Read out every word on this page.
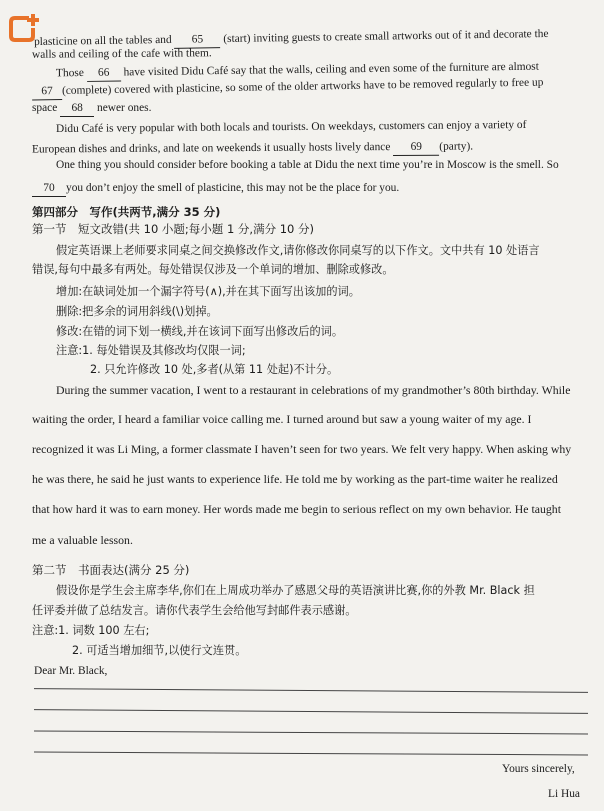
plasticine on all the tables and 65 (start) inviting guests to create small artworks out of it and decorate the
walls and ceiling of the cafe with them.
Those 66 have visited Didu Café say that the walls, ceiling and even some of the furniture are almost
67 (complete) covered with plasticine, so some of the older artworks have to be removed regularly to free up
space 68 newer ones.
Didu Café is very popular with both locals and tourists. On weekdays, customers can enjoy a variety of
European dishes and drinks, and late on weekends it usually hosts lively dance 69 (party).
One thing you should consider before booking a table at Didu the next time you’re in Moscow is the smell. So
70 you don’t enjoy the smell of plasticine, this may not be the place for you.
第四部分　写作(共两节,满分 35 分)
第一节　短文改错(共 10 小题;每小题 1 分,满分 10 分)
假定英语课上老师要求同桌之间交换修改作文,请你修改你同桌写的以下作文。文中共有 10 处语言
错误,每句中最多有两处。每处错误仅涉及一个单词的增加、删除或修改。
增加:在缺词处加一个漏字符号(∧),并在其下面写出该加的词。
删除:把多余的词用斜线(\)划掉。
修改:在错的词下划一横线,并在该词下面写出修改后的词。
注意:1. 每处错误及其修改均仅限一词;
2. 只允许修改 10 处,多者(从第 11 处起)不计分。
During the summer vacation, I went to a restaurant in celebrations of my grandmother’s 80th birthday. While
waiting the order, I heard a familiar voice calling me. I turned around but saw a young waiter of my age. I
recognized it was Li Ming, a former classmate I haven’t seen for two years. We felt very happy. When asking why
he was there, he said he just wants to experience life. He told me by working as the part-time waiter he realized
that how hard it was to earn money. Her words made me begin to serious reflect on my own behavior. He taught
me a valuable lesson.
第二节　书面表达(满分 25 分)
假设你是学生会主席李华,你们在上周成功举办了感恩父母的英语演讲比赛,你的外教 Mr. Black 担
任评委并做了总结发言。请你代表学生会给他写封邮件表示感谢。
注意:1. 词数 100 左右;
2. 可适当增加细节,以使行文连贯。
Dear Mr. Black,
Yours sincerely,
Li Hua
